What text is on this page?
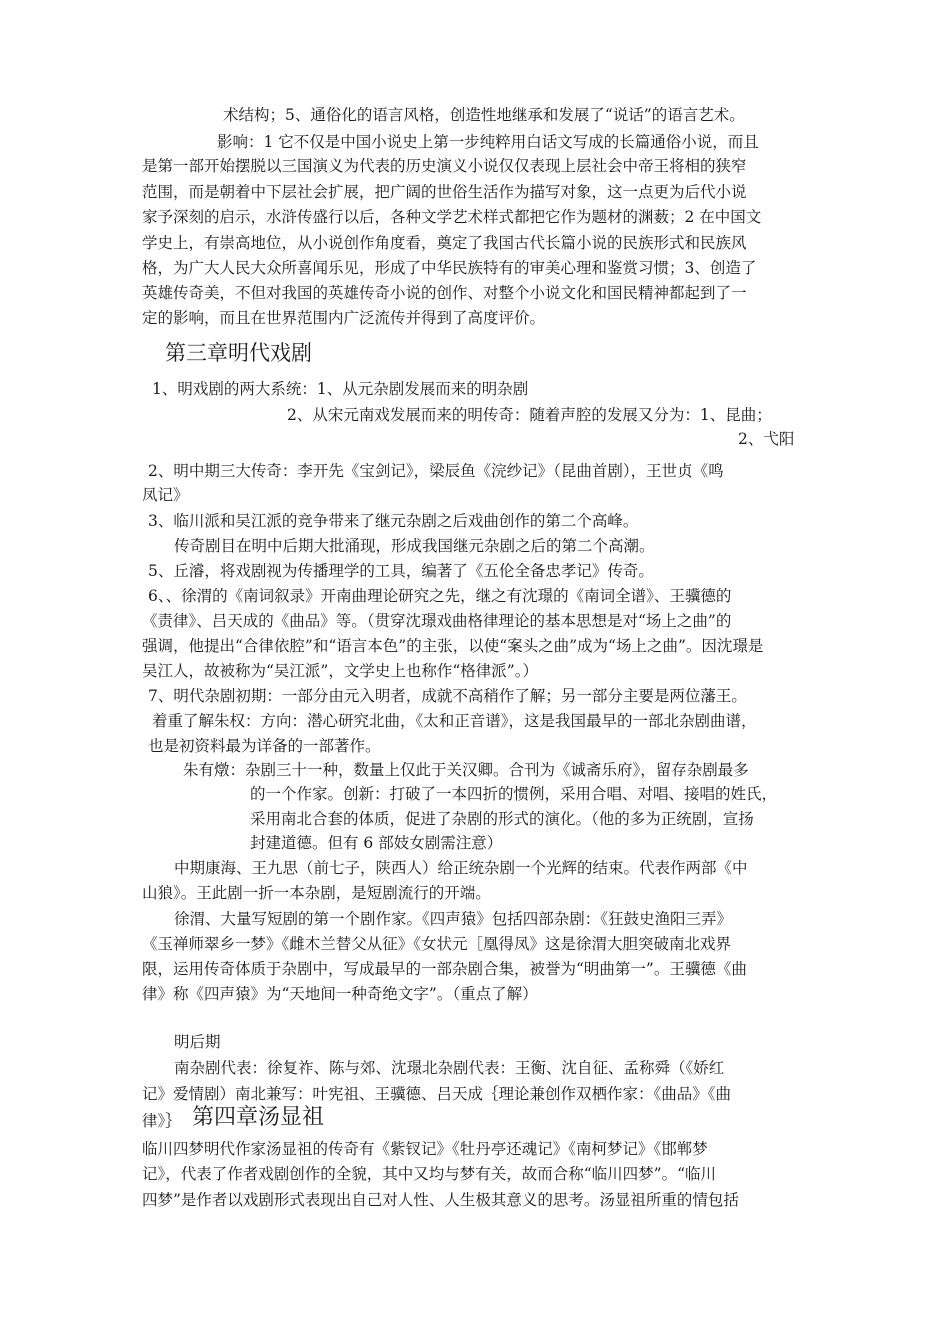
术结构；5、通俗化的语言风格，创造性地继承和发展了“说话”的语言艺术。
影响：1 它不仅是中国小说史上第一步纯粹用白话文写成的长篇通俗小说，而且
是第一部开始摆脱以三国演义为代表的历史演义小说仅仅表现上层社会中帝王将相的狭窄
范围，而是朝着中下层社会扩展，把广阔的世俗生活作为描写对象，这一点更为后代小说
家予深刻的启示，水浒传盛行以后，各种文学艺术样式都把它作为题材的渊薮；2 在中国文
学史上，有崇高地位，从小说创作角度看，奠定了我国古代长篇小说的民族形式和民族风
格，为广大人民大众所喜闻乐见，形成了中华民族特有的审美心理和鉴赏习惯；3、创造了
英雄传奇美，不但对我国的英雄传奇小说的创作、对整个小说文化和国民精神都起到了一
定的影响，而且在世界范围内广泛流传并得到了高度评价。
第三章明代戏剧
1、明戏剧的两大系统：1、从元杂剧发展而来的明杂剧
2、从宋元南戏发展而来的明传奇：随着声腔的发展又分为：1、昆曲；
2、弋阳
2、明中期三大传奇：李开先《宝剑记》，梁辰鱼《浣纱记》（昆曲首剧），王世贞《鸣
凤记》
3、临川派和吴江派的竞争带来了继元杂剧之后戏曲创作的第二个高峰。
传奇剧目在明中后期大批涌现，形成我国继元杂剧之后的第二个高潮。
5、丘濬，将戏剧视为传播理学的工具，编著了《五伦全备忠孝记》传奇。
6、、徐渭的《南词叙录》开南曲理论研究之先，继之有沈璟的《南词全谱》、王骥德的
《责律》、吕天成的《曲品》等。（贯穿沈璟戏曲格律理论的基本思想是对“场上之曲”的
强调，他提出“合律依腔”和“语言本色”的主张，以使“案头之曲”成为“场上之曲”。因沈璟是
吴江人，故被称为“吴江派”，文学史上也称作“格律派”。）
7、明代杂剧初期：一部分由元入明者，成就不高稍作了解；另一部分主要是两位藩王。
着重了解朱权：方向：潜心研究北曲，《太和正音谱》，这是我国最早的一部北杂剧曲谱，
也是初资料最为详备的一部著作。
朱有燉：杂剧三十一种，数量上仅此于关汉卿。合刊为《诚斋乐府》，留存杂剧最多
的一个作家。创新：打破了一本四折的惯例，采用合唱、对唱、接唱的姓氏，
采用南北合套的体质，促进了杂剧的形式的演化。（他的多为正统剧，宣扬
封建道德。但有 6 部妓女剧需注意）
中期康海、王九思（前七子，陕西人）给正统杂剧一个光辉的结束。代表作两部《中
山狼》。王此剧一折一本杂剧，是短剧流行的开端。
徐渭、大量写短剧的第一个剧作家。《四声猿》包括四部杂剧：《狂鼓史渔阳三弄》
《玉禅师翠乡一梦》《雌木兰替父从征》《女状元［凰得凤》这是徐渭大胆突破南北戏界
限，运用传奇体质于杂剧中，写成最早的一部杂剧合集，被誉为“明曲第一”。王骥德《曲
律》称《四声猿》为“天地间一种奇绝文字”。（重点了解）
明后期
南杂剧代表：徐复祚、陈与郊、沈璟北杂剧代表：王衡、沈自征、孟称舜（《娇红
记》爱情剧）南北兼写：叶宪祖、王骥德、吕天成｛理论兼创作双栖作家：《曲品》《曲
律》｝ 第四章汤显祖
临川四梦明代作家汤显祖的传奇有《紫钗记》《牡丹亭还魂记》《南柯梦记》《邯郸梦
记》，代表了作者戏剧创作的全貌，其中又均与梦有关，故而合称“临川四梦”。“临川
四梦”是作者以戏剧形式表现出自己对人性、人生极其意义的思考。汤显祖所重的情包括
